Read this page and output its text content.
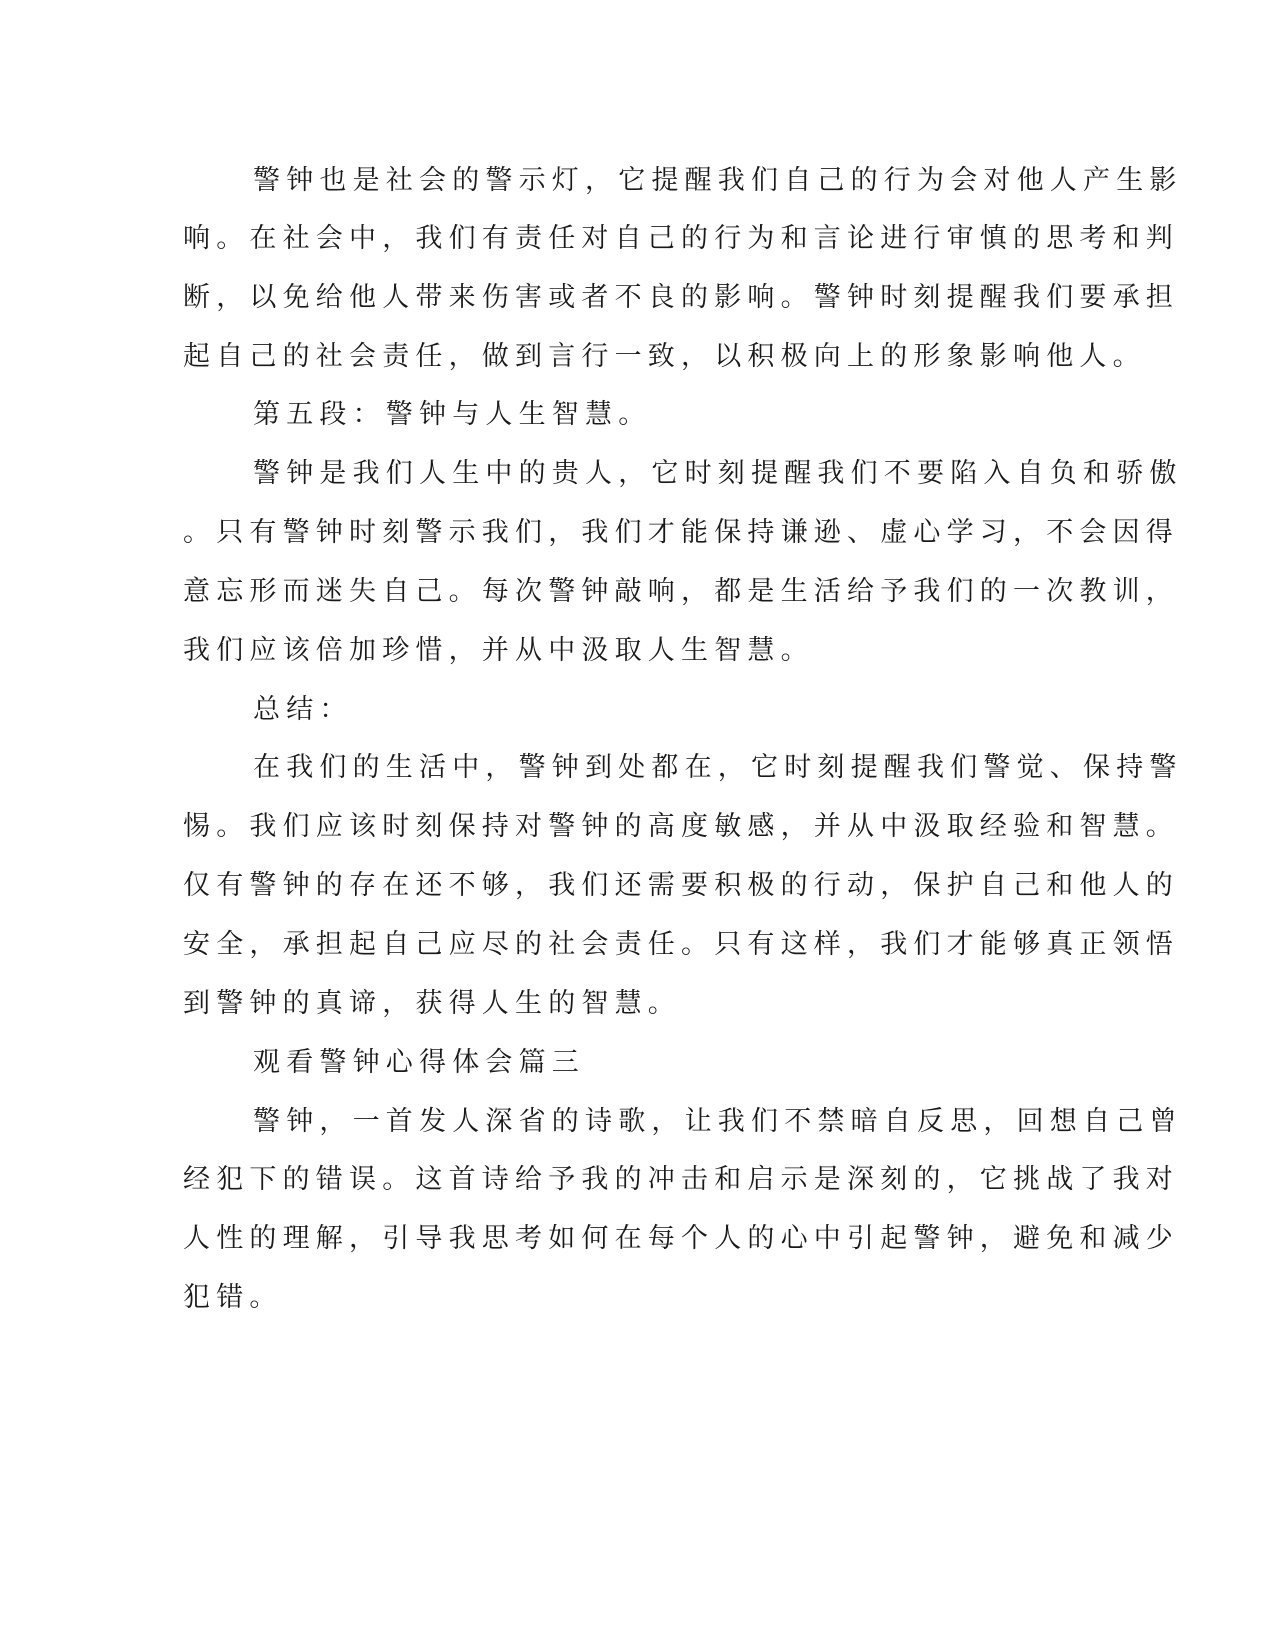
警钟也是社会的警示灯，它提醒我们自己的行为会对他人产生影
响。在社会中，我们有责任对自己的行为和言论进行审慎的思考和判
断，以免给他人带来伤害或者不良的影响。警钟时刻提醒我们要承担
起自己的社会责任，做到言行一致，以积极向上的形象影响他人。
第五段：警钟与人生智慧。
警钟是我们人生中的贵人，它时刻提醒我们不要陷入自负和骄傲
。只有警钟时刻警示我们，我们才能保持谦逊、虚心学习，不会因得
意忘形而迷失自己。每次警钟敲响，都是生活给予我们的一次教训，
我们应该倍加珍惜，并从中汲取人生智慧。
总结：
在我们的生活中，警钟到处都在，它时刻提醒我们警觉、保持警
惕。我们应该时刻保持对警钟的高度敏感，并从中汲取经验和智慧。
仅有警钟的存在还不够，我们还需要积极的行动，保护自己和他人的
安全，承担起自己应尽的社会责任。只有这样，我们才能够真正领悟
到警钟的真谛，获得人生的智慧。
观看警钟心得体会篇三
警钟，一首发人深省的诗歌，让我们不禁暗自反思，回想自己曾
经犯下的错误。这首诗给予我的冲击和启示是深刻的，它挑战了我对
人性的理解，引导我思考如何在每个人的心中引起警钟，避免和减少
犯错。
